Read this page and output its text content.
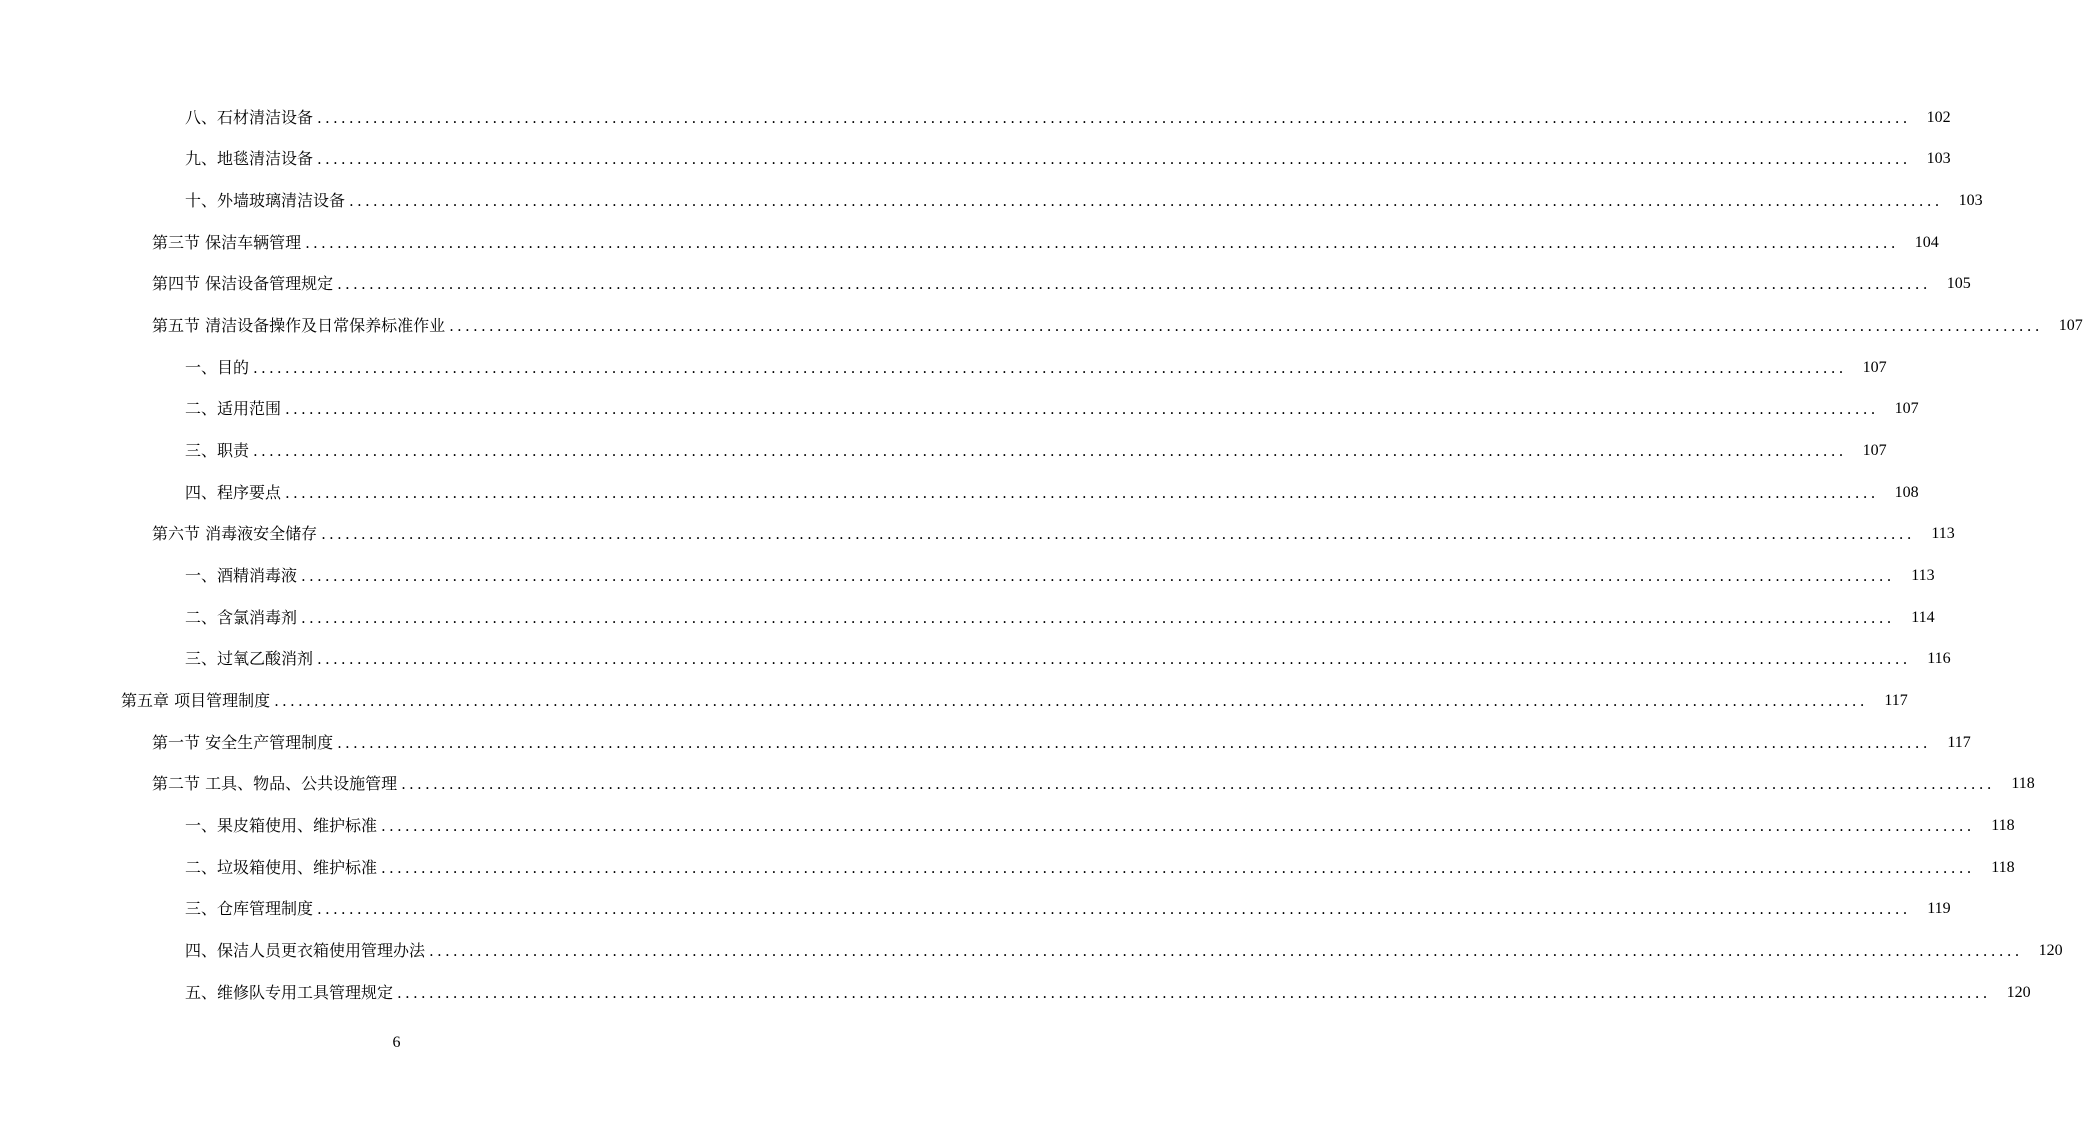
八、石材清洁设备 ........................................................................................................................................................................................................	102
九、地毯清洁设备 ........................................................................................................................................................................................................	103
十、外墙玻璃清洁设备 ........................................................................................................................................................................................................	103
第三节 保洁车辆管理 ........................................................................................................................................................................................................	104
第四节 保洁设备管理规定 ........................................................................................................................................................................................................	105
第五节 清洁设备操作及日常保养标准作业 ........................................................................................................................................................................................................	107
一、目的 ........................................................................................................................................................................................................	107
二、适用范围 ........................................................................................................................................................................................................	107
三、职责 ........................................................................................................................................................................................................	107
四、程序要点 ........................................................................................................................................................................................................	108
第六节 消毒液安全储存 ........................................................................................................................................................................................................	113
一、酒精消毒液 ........................................................................................................................................................................................................	113
二、含氯消毒剂 ........................................................................................................................................................................................................	114
三、过氧乙酸消剂 ........................................................................................................................................................................................................	116
第五章 项目管理制度 ........................................................................................................................................................................................................	117
第一节 安全生产管理制度 ........................................................................................................................................................................................................	117
第二节 工具、物品、公共设施管理 ........................................................................................................................................................................................................	118
一、果皮箱使用、维护标准 ........................................................................................................................................................................................................	118
二、垃圾箱使用、维护标准 ........................................................................................................................................................................................................	118
三、仓库管理制度 ........................................................................................................................................................................................................	119
四、保洁人员更衣箱使用管理办法 ........................................................................................................................................................................................................	120
五、维修队专用工具管理规定 ........................................................................................................................................................................................................	120
6
